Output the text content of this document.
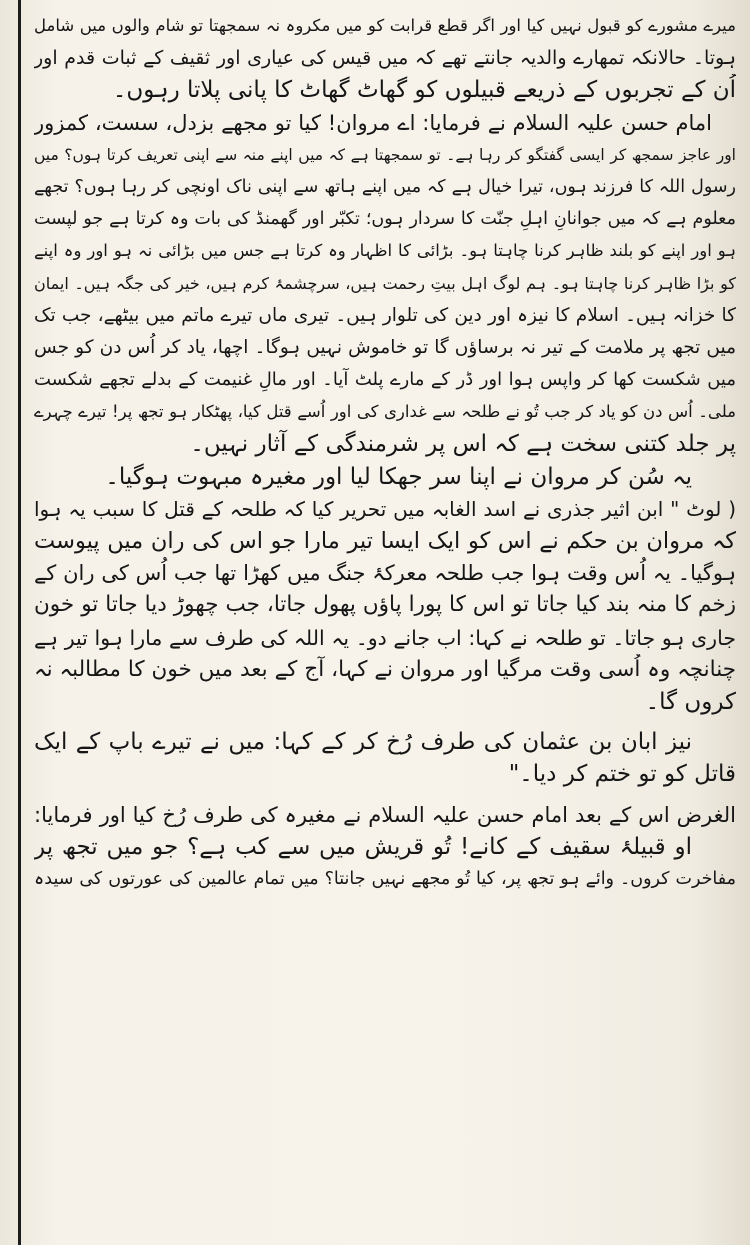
میرے مشورے کو قبول نہیں کیا اور اگر قطع قرابت کو میں مکروہ نہ سمجھتا تو شام والوں میں شامل
ہوتا۔ حالانکہ تمھارے والدیہ جانتے تھے کہ میں قیس کی عیاری اور ثقیف کے ثبات قدم اور
اُن کے تجربوں کے ذریعے قبیلوں کو گھاٹ گھاٹ کا پانی پلاتا رہوں۔
امام حسن علیہ السلام نے فرمایا: اے مروان! کیا تو مجھے بزدل، سست، کمزور
اور عاجز سمجھ کر ایسی گفتگو کر رہا ہے۔ تو سمجھتا ہے کہ میں اپنے منہ سے اپنی تعریف کرتا ہوں؟ میں
رسول اللہ کا فرزند ہوں، تیرا خیال ہے کہ میں اپنے ہاتھ سے اپنی ناک اونچی کر رہا ہوں؟ تجھے
معلوم ہے کہ میں جوانانِ اہلِ جنّت کا سردار ہوں؛ تکبّر اور گھمنڈ کی بات وہ کرتا ہے جو لپست
ہو اور اپنے کو بلند ظاہر کرنا چاہتا ہو۔ بڑائی کا اظہار وہ کرتا ہے جس میں بڑائی نہ ہو اور وہ اپنے
کو بڑا ظاہر کرنا چاہتا ہو۔ ہم لوگ اہل بیتِ رحمت ہیں، سرچشمۂ کرم ہیں، خیر کی جگہ ہیں۔ ایمان
کا خزانہ ہیں۔ اسلام کا نیزہ اور دین کی تلوار ہیں۔ تیری ماں تیرے ماتم میں بیٹھے، جب تک
میں تجھ پر ملامت کے تیر نہ برساؤں گا تو خاموش نہیں ہوگا۔ اچھا، یاد کر اُس دن کو جس
میں شکست کھا کر واپس ہوا اور ڈر کے مارے پلٹ آیا۔ اور مالِ غنیمت کے بدلے تجھے شکست
ملی۔ اُس دن کو یاد کر جب تُو نے طلحہ سے غداری کی اور اُسے قتل کیا، پھٹکار ہو تجھ پر! تیرے چہرے
پر جلد کتنی سخت ہے کہ اس پر شرمندگی کے آثار نہیں۔
یہ سُن کر مروان نے اپنا سر جھکا لیا اور مغیرہ مبہوت ہوگیا۔
( لوٹ " ابن اثیر جذری نے اسد الغابہ میں تحریر کیا کہ طلحہ کے قتل کا سبب یہ ہوا
کہ مروان بن حکم نے اس کو ایک ایسا تیر مارا جو اس کی ران میں پیوست
ہوگیا۔ یہ اُس وقت ہوا جب طلحہ معرکۂ جنگ میں کھڑا تھا جب اُس کی ران کے
زخم کا منہ بند کیا جاتا تو اس کا پورا پاؤں پھول جاتا، جب چھوڑ دیا جاتا تو خون
جاری ہو جاتا۔ تو طلحہ نے کہا: اب جانے دو۔ یہ اللہ کی طرف سے مارا ہوا تیر ہے
چنانچہ وہ اُسی وقت مرگیا اور مروان نے کہا، آج کے بعد میں خون کا مطالبہ نہ
کروں گا۔
نیز ابان بن عثمان کی طرف رُخ کر کے کہا: میں نے تیرے باپ کے ایک
قاتل کو تو ختم کر دیا۔"
الغرض اس کے بعد امام حسن علیہ السلام نے مغیرہ کی طرف رُخ کیا اور فرمایا:
او قبیلۂ سقیف کے کانے! تُو قریش میں سے کب ہے؟ جو میں تجھ پر
مفاخرت کروں۔ وائے ہو تجھ پر، کیا تُو مجھے نہیں جانتا؟ میں تمام عالمین کی عورتوں کی سیدہ
